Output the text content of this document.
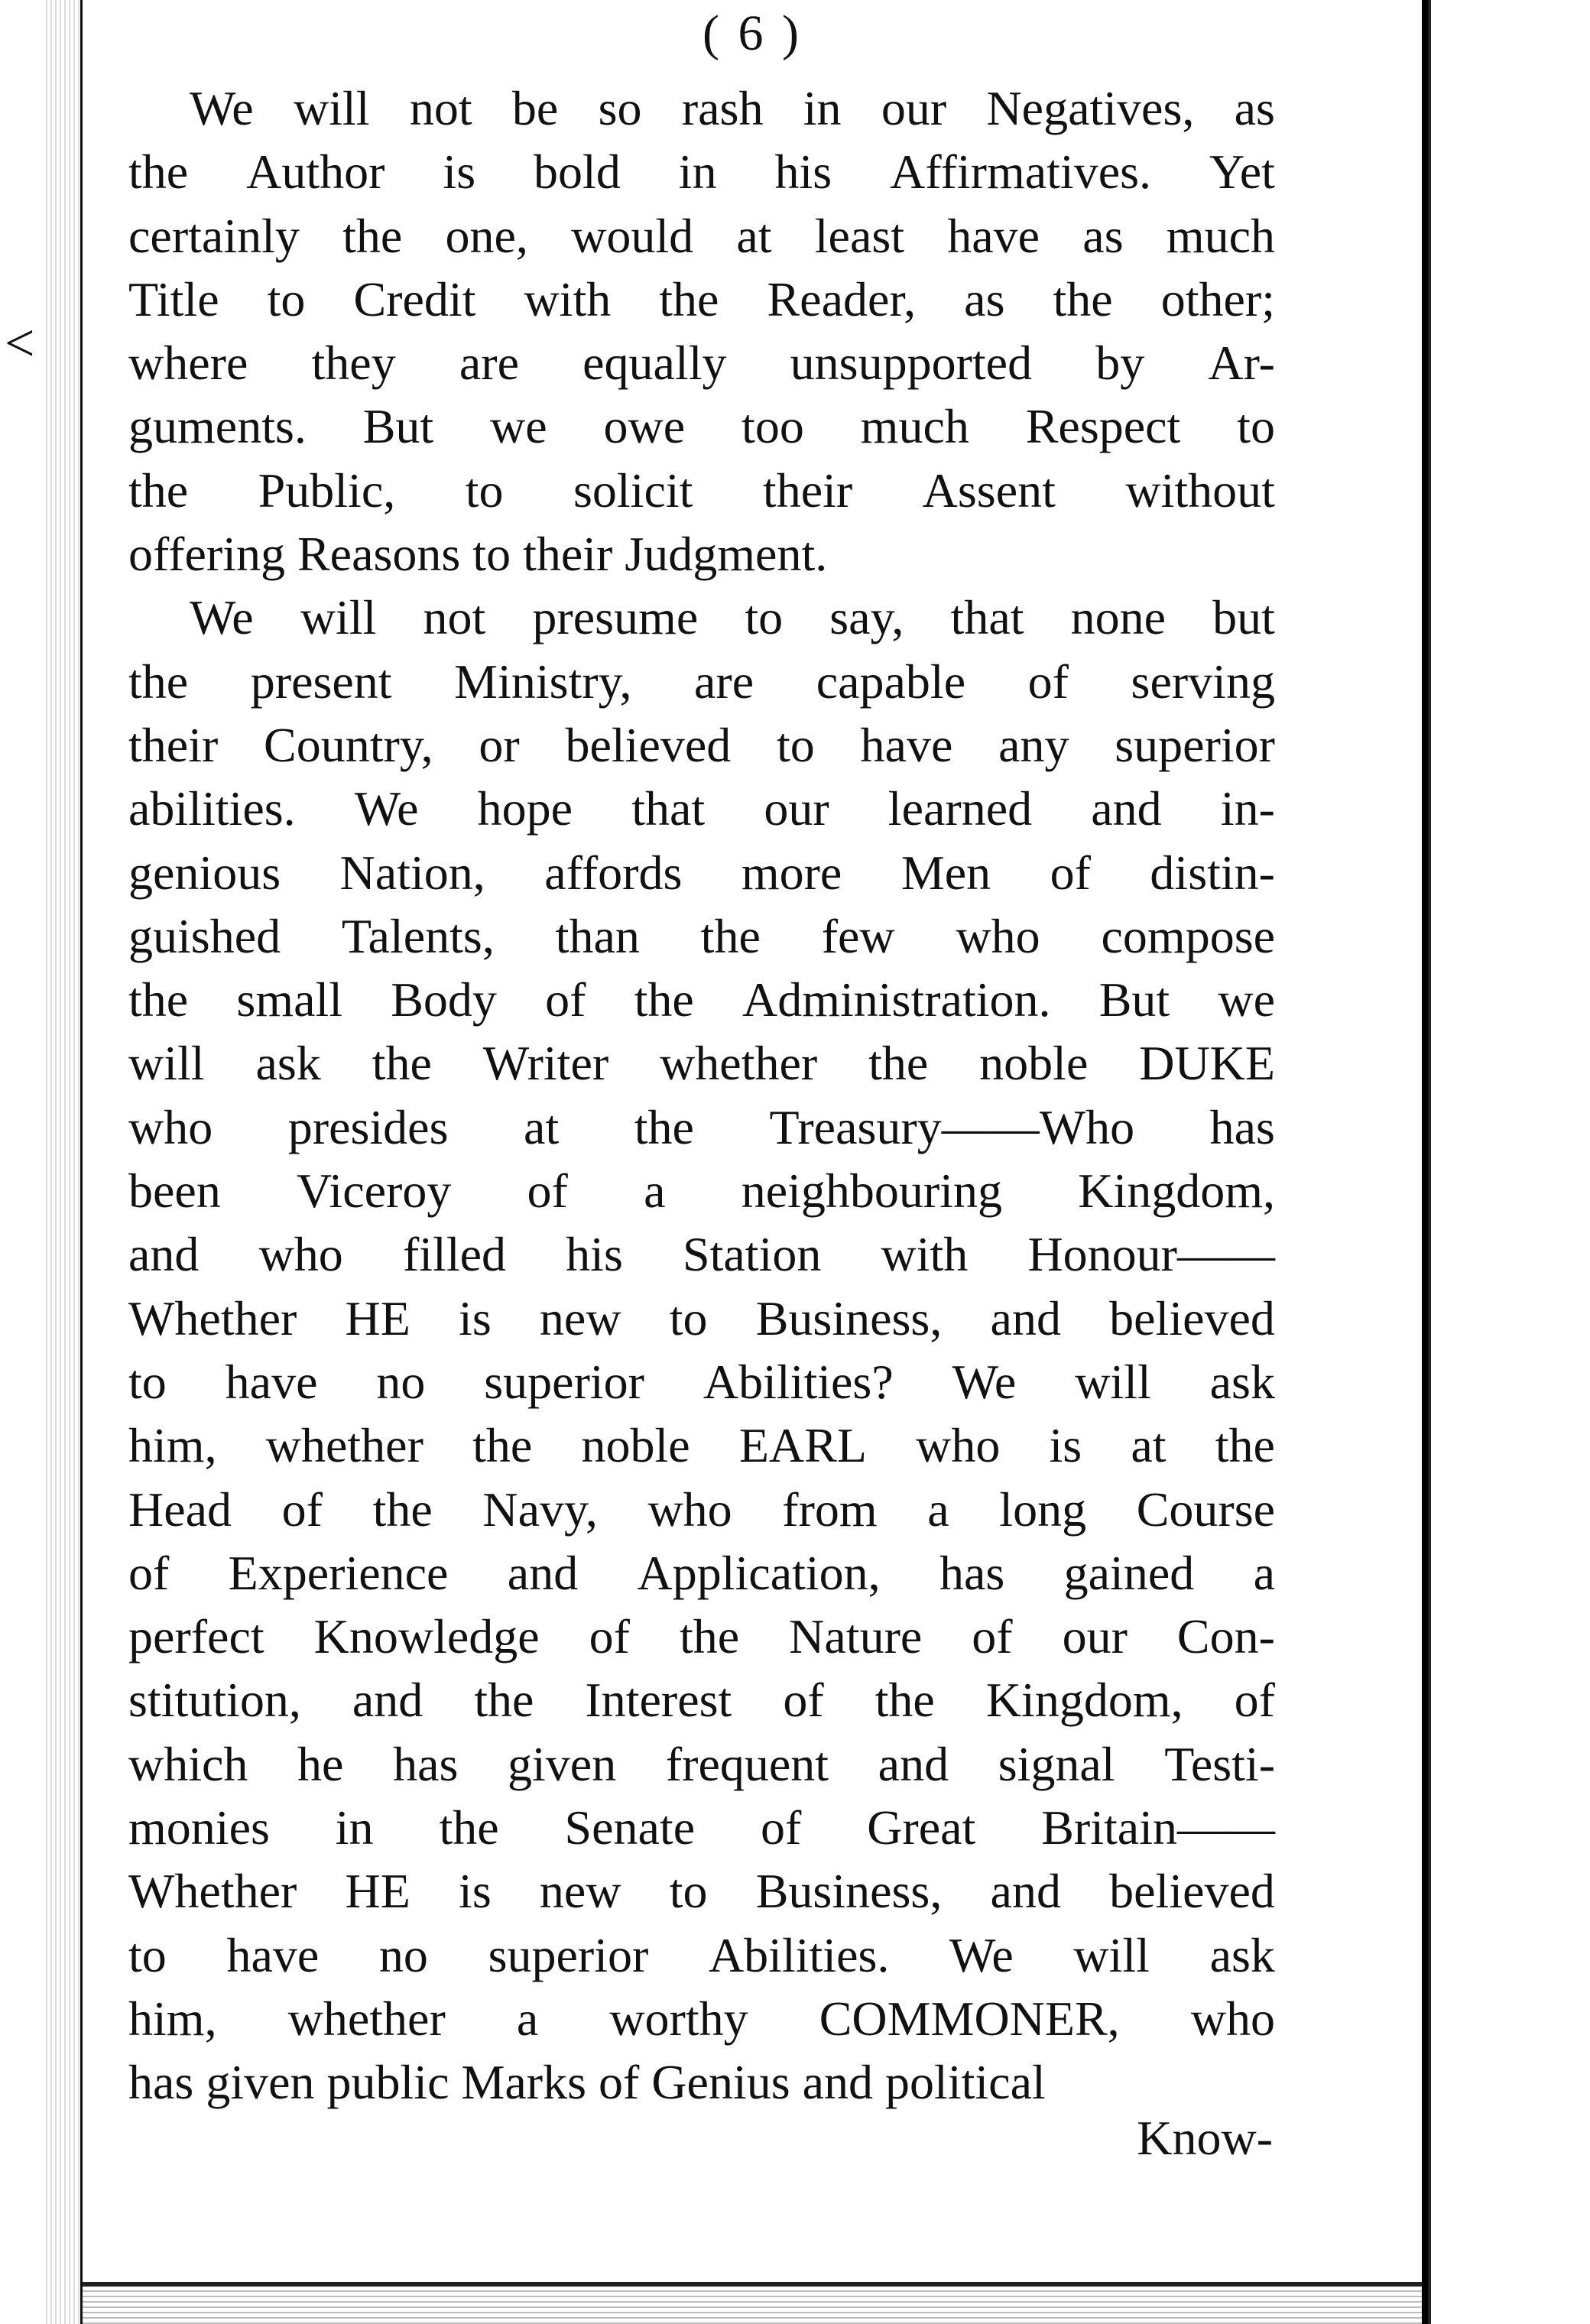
<
( 6 )
We will not be so rash in our Negatives, as
the Author is bold in his Affirmatives. Yet
certainly the one, would at least have as much
Title to Credit with the Reader, as the other;
where they are equally unsupported by Ar-
guments. But we owe too much Respect to
the Public, to solicit their Assent without
offering Reasons to their Judgment.
We will not presume to say, that none but
the present Ministry, are capable of serving
their Country, or believed to have any superior
abilities. We hope that our learned and in-
genious Nation, affords more Men of distin-
guished Talents, than the few who compose
the small Body of the Administration. But we
will ask the Writer whether the noble DUKE
who presides at the Treasury——Who has
been Viceroy of a neighbouring Kingdom,
and who filled his Station with Honour——
Whether HE is new to Business, and believed
to have no superior Abilities? We will ask
him, whether the noble EARL who is at the
Head of the Navy, who from a long Course
of Experience and Application, has gained a
perfect Knowledge of the Nature of our Con-
stitution, and the Interest of the Kingdom, of
which he has given frequent and signal Testi-
monies in the Senate of Great Britain——
Whether HE is new to Business, and believed
to have no superior Abilities. We will ask
him, whether a worthy COMMONER, who
has given public Marks of Genius and political
Know-
